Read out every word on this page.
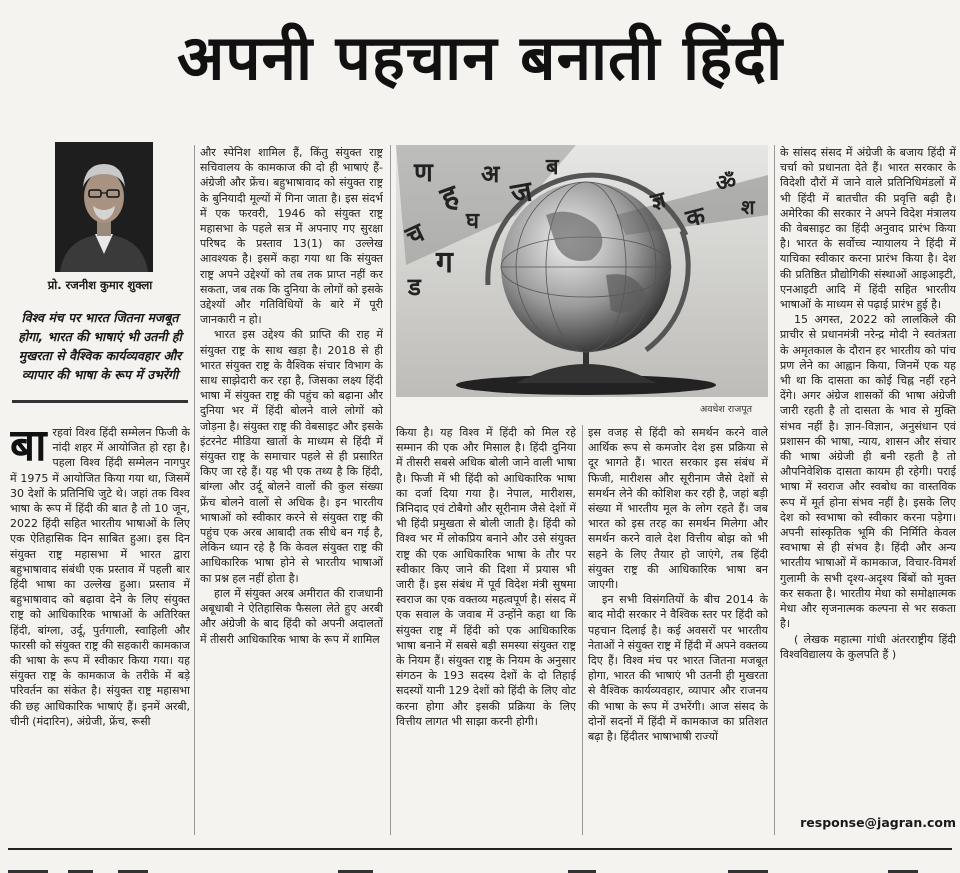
अपनी पहचान बनाती हिंदी
प्रो. रजनीश कुमार शुक्ला
विश्व मंच पर भारत जितना मजबूत होगा, भारत की भाषाएं भी उतनी ही मुखरता से वैश्विक कार्यव्यवहार और व्यापार की भाषा के रूप में उभरेंगी
ण
ह
अ
ज
च
ग
ड
ब
ज्ञ क
ॐ
श
घ
अवधेश राजपूत

बारहवां विश्व हिंदी सम्मेलन फिजी के नांदी शहर में आयोजित हो रहा है। पहला विश्व हिंदी सम्मेलन नागपुर में 1975 में आयोजित किया गया था, जिसमें 30 देशों के प्रतिनिधि जुटे थे। जहां तक विश्व भाषा के रूप में हिंदी की बात है तो 10 जून, 2022 हिंदी सहित भारतीय भाषाओं के लिए एक ऐतिहासिक दिन साबित हुआ। इस दिन संयुक्त राष्ट्र महासभा में भारत द्वारा बहुभाषावाद संबंधी एक प्रस्ताव में पहली बार हिंदी भाषा का उल्लेख हुआ। प्रस्ताव में बहुभाषावाद को बढ़ावा देने के लिए संयुक्त राष्ट्र को आधिकारिक भाषाओं के अतिरिक्त हिंदी, बांग्ला, उर्दू, पुर्तगाली, स्वाहिली और फारसी को संयुक्त राष्ट्र की सहकारी कामकाज की भाषा के रूप में स्वीकार किया गया। यह संयुक्त राष्ट्र के कामकाज के तरीके में बड़े परिवर्तन का संकेत है। संयुक्त राष्ट्र महासभा की छह आधिकारिक भाषाएं हैं। इनमें अरबी, चीनी (मंदारिन), अंग्रेजी, फ्रेंच, रूसी

और स्पेनिश शामिल हैं, किंतु संयुक्त राष्ट्र सचिवालय के कामकाज की दो ही भाषाएं हैं-अंग्रेजी और फ्रेंच। बहुभाषावाद को संयुक्त राष्ट्र के बुनियादी मूल्यों में गिना जाता है। इस संदर्भ में एक फरवरी, 1946 को संयुक्त राष्ट्र महासभा के पहले सत्र में अपनाए गए सुरक्षा परिषद के प्रस्ताव 13(1) का उल्लेख आवश्यक है। इसमें कहा गया था कि संयुक्त राष्ट्र अपने उद्देश्यों को तब तक प्राप्त नहीं कर सकता, जब तक कि दुनिया के लोगों को इसके उद्देश्यों और गतिविधियों के बारे में पूरी जानकारी न हो।

भारत इस उद्देश्य की प्राप्ति की राह में संयुक्त राष्ट्र के साथ खड़ा है। 2018 से ही भारत संयुक्त राष्ट्र के वैश्विक संचार विभाग के साथ साझेदारी कर रहा है, जिसका लक्ष्य हिंदी भाषा में संयुक्त राष्ट्र की पहुंच को बढ़ाना और दुनिया भर में हिंदी बोलने वाले लोगों को जोड़ना है। संयुक्त राष्ट्र की वेबसाइट और इसके इंटरनेट मीडिया खातों के माध्यम से हिंदी में संयुक्त राष्ट्र के समाचार पहले से ही प्रसारित किए जा रहे हैं। यह भी एक तथ्य है कि हिंदी, बांग्ला और उर्दू बोलने वालों की कुल संख्या फ्रेंच बोलने वालों से अधिक है। इन भारतीय भाषाओं को स्वीकार करने से संयुक्त राष्ट्र की पहुंच एक अरब आबादी तक सीधे बन गई है, लेकिन ध्यान रहे है कि केवल संयुक्त राष्ट्र की आधिकारिक भाषा होने से भारतीय भाषाओं का प्रश्न हल नहीं होता है।

हाल में संयुक्त अरब अमीरात की राजधानी अबूधाबी ने ऐतिहासिक फैसला लेते हुए अरबी और अंग्रेजी के बाद हिंदी को अपनी अदालतों में तीसरी आधिकारिक भाषा के रूप में शामिल

किया है। यह विश्व में हिंदी को मिल रहे सम्मान की एक और मिसाल है। हिंदी दुनिया में तीसरी सबसे अधिक बोली जाने वाली भाषा है। फिजी में भी हिंदी को आधिकारिक भाषा का दर्जा दिया गया है। नेपाल, मारीशस, त्रिनिदाद एवं टोबैगो और सूरीनाम जैसे देशों में भी हिंदी प्रमुखता से बोली जाती है। हिंदी को विश्व भर में लोकप्रिय बनाने और उसे संयुक्त राष्ट्र की एक आधिकारिक भाषा के तौर पर स्वीकार किए जाने की दिशा में प्रयास भी जारी हैं। इस संबंध में पूर्व विदेश मंत्री सुषमा स्वराज का एक वक्तव्य महत्वपूर्ण है। संसद में एक सवाल के जवाब में उन्होंने कहा था कि संयुक्त राष्ट्र में हिंदी को एक आधिकारिक भाषा बनाने में सबसे बड़ी समस्या संयुक्त राष्ट्र के नियम हैं। संयुक्त राष्ट्र के नियम के अनुसार संगठन के 193 सदस्य देशों के दो तिहाई सदस्यों यानी 129 देशों को हिंदी के लिए वोट करना होगा और इसकी प्रक्रिया के लिए वित्तीय लागत भी साझा करनी होगी।

इस वजह से हिंदी को समर्थन करने वाले आर्थिक रूप से कमजोर देश इस प्रक्रिया से दूर भागते हैं। भारत सरकार इस संबंध में फिजी, मारीशस और सूरीनाम जैसे देशों से समर्थन लेने की कोशिश कर रही है, जहां बड़ी संख्या में भारतीय मूल के लोग रहते हैं। जब भारत को इस तरह का समर्थन मिलेगा और समर्थन करने वाले देश वित्तीय बोझ को भी सहने के लिए तैयार हो जाएंगे, तब हिंदी संयुक्त राष्ट्र की आधिकारिक भाषा बन जाएगी।

इन सभी विसंगतियों के बीच 2014 के बाद मोदी सरकार ने वैश्विक स्तर पर हिंदी को पहचान दिलाई है। कई अवसरों पर भारतीय नेताओं ने संयुक्त राष्ट्र में हिंदी में अपने वक्तव्य दिए हैं। विश्व मंच पर भारत जितना मजबूत होगा, भारत की भाषाएं भी उतनी ही मुखरता से वैश्विक कार्यव्यवहार, व्यापार और राजनय की भाषा के रूप में उभरेंगी। आज संसद के दोनों सदनों में हिंदी में कामकाज का प्रतिशत बढ़ा है। हिंदीतर भाषाभाषी राज्यों

के सांसद संसद में अंग्रेजी के बजाय हिंदी में चर्चा को प्रधानता देते हैं। भारत सरकार के विदेशी दौरों में जाने वाले प्रतिनिधिमंडलों में भी हिंदी में बातचीत की प्रवृत्ति बढ़ी है। अमेरिका की सरकार ने अपने विदेश मंत्रालय की वेबसाइट का हिंदी अनुवाद प्रारंभ किया है। भारत के सर्वोच्च न्यायालय ने हिंदी में याचिका स्वीकार करना प्रारंभ किया है। देश की प्रतिष्ठित प्रौद्योगिकी संस्थाओं आइआइटी, एनआइटी आदि में हिंदी सहित भारतीय भाषाओं के माध्यम से पढ़ाई प्रारंभ हुई है।

15 अगस्त, 2022 को लालकिले की प्राचीर से प्रधानमंत्री नरेन्द्र मोदी ने स्वतंत्रता के अमृतकाल के दौरान हर भारतीय को पांच प्रण लेने का आह्वान किया, जिनमें एक यह भी था कि दासता का कोई चिह्न नहीं रहने देंगे। अगर अंग्रेज शासकों की भाषा अंग्रेजी जारी रहती है तो दासता के भाव से मुक्ति संभव नहीं है। ज्ञान-विज्ञान, अनुसंधान एवं प्रशासन की भाषा, न्याय, शासन और संचार की भाषा अंग्रेजी ही बनी रहती है तो औपनिवेशिक दासता कायम ही रहेगी। पराई भाषा में स्वराज और स्वबोध का वास्तविक रूप में मूर्त होना संभव नहीं है। इसके लिए देश को स्वभाषा को स्वीकार करना पड़ेगा। अपनी सांस्कृतिक भूमि की निर्मिति केवल स्वभाषा से ही संभव है। हिंदी और अन्य भारतीय भाषाओं में कामकाज, विचार-विमर्श गुलामी के सभी दृश्य-अदृश्य बिंबों को मुक्त कर सकता है। भारतीय मेधा को समोक्षात्मक मेधा और सृजनात्मक कल्पना से भर सकता है।

( लेखक महात्मा गांधी अंतरराष्ट्रीय हिंदी विश्वविद्यालय के कुलपति हैं )

response@jagran.com
